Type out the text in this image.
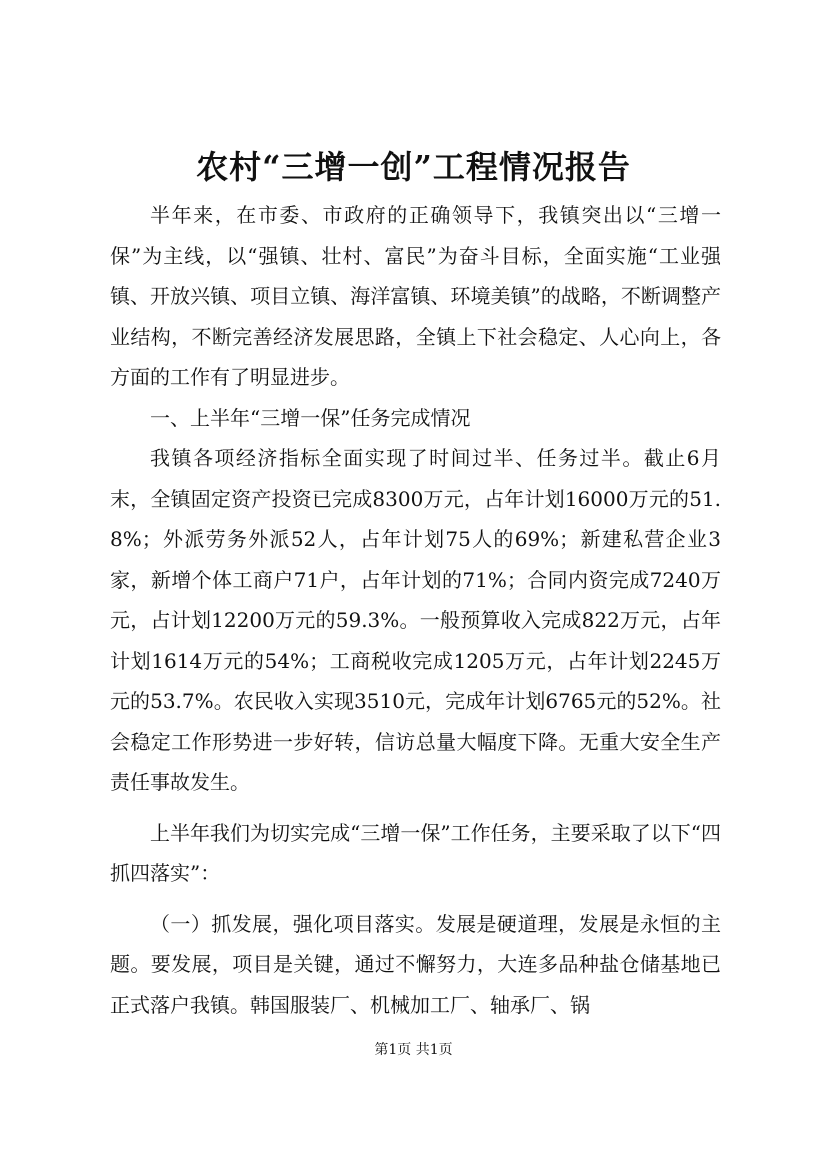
农村“三增一创”工程情况报告

半年来，在市委、市政府的正确领导下，我镇突出以“三增一保”为主线，以“强镇、壮村、富民”为奋斗目标，全面实施“工业强镇、开放兴镇、项目立镇、海洋富镇、环境美镇”的战略，不断调整产业结构，不断完善经济发展思路，全镇上下社会稳定、人心向上，各方面的工作有了明显进步。

一、上半年“三增一保”任务完成情况

我镇各项经济指标全面实现了时间过半、任务过半。截止6月末，全镇固定资产投资已完成8300万元，占年计划16000万元的51.8%；外派劳务外派52人，占年计划75人的69%；新建私营企业3家，新增个体工商户71户，占年计划的71%；合同内资完成7240万元，占计划12200万元的59.3%。一般预算收入完成822万元，占年计划1614万元的54%；工商税收完成1205万元，占年计划2245万元的53.7%。农民收入实现3510元，完成年计划6765元的52%。社会稳定工作形势进一步好转，信访总量大幅度下降。无重大安全生产责任事故发生。

上半年我们为切实完成“三增一保”工作任务，主要采取了以下“四抓四落实”：

（一）抓发展，强化项目落实。发展是硬道理，发展是永恒的主题。要发展，项目是关键，通过不懈努力，大连多品种盐仓储基地已正式落户我镇。韩国服装厂、机械加工厂、轴承厂、锅

第1页 共1页
